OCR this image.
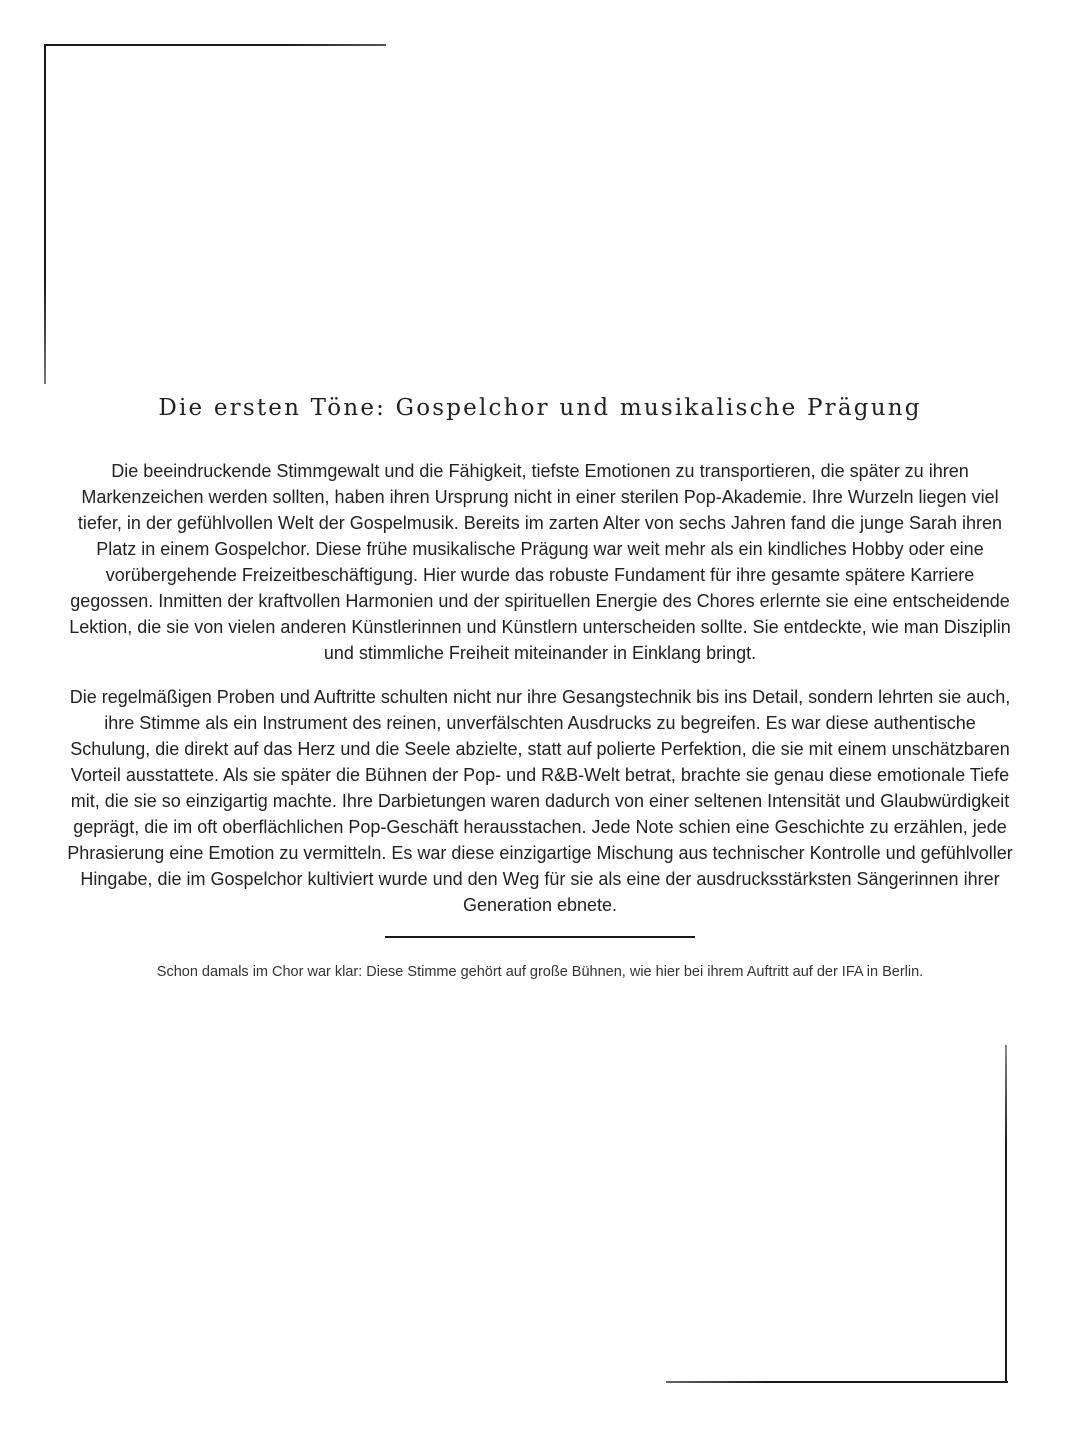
Die ersten Töne: Gospelchor und musikalische Prägung

Die beeindruckende Stimmgewalt und die Fähigkeit, tiefste Emotionen zu transportieren, die später zu ihren Markenzeichen werden sollten, haben ihren Ursprung nicht in einer sterilen Pop-Akademie. Ihre Wurzeln liegen viel tiefer, in der gefühlvollen Welt der Gospelmusik. Bereits im zarten Alter von sechs Jahren fand die junge Sarah ihren Platz in einem Gospelchor. Diese frühe musikalische Prägung war weit mehr als ein kindliches Hobby oder eine vorübergehende Freizeitbeschäftigung. Hier wurde das robuste Fundament für ihre gesamte spätere Karriere gegossen. Inmitten der kraftvollen Harmonien und der spirituellen Energie des Chores erlernte sie eine entscheidende Lektion, die sie von vielen anderen Künstlerinnen und Künstlern unterscheiden sollte. Sie entdeckte, wie man Disziplin und stimmliche Freiheit miteinander in Einklang bringt.

Die regelmäßigen Proben und Auftritte schulten nicht nur ihre Gesangstechnik bis ins Detail, sondern lehrten sie auch, ihre Stimme als ein Instrument des reinen, unverfälschten Ausdrucks zu begreifen. Es war diese authentische Schulung, die direkt auf das Herz und die Seele abzielte, statt auf polierte Perfektion, die sie mit einem unschätzbaren Vorteil ausstattete. Als sie später die Bühnen der Pop- und R&B-Welt betrat, brachte sie genau diese emotionale Tiefe mit, die sie so einzigartig machte. Ihre Darbietungen waren dadurch von einer seltenen Intensität und Glaubwürdigkeit geprägt, die im oft oberflächlichen Pop-Geschäft herausstachen. Jede Note schien eine Geschichte zu erzählen, jede Phrasierung eine Emotion zu vermitteln. Es war diese einzigartige Mischung aus technischer Kontrolle und gefühlvoller Hingabe, die im Gospelchor kultiviert wurde und den Weg für sie als eine der ausdrucksstärksten Sängerinnen ihrer Generation ebnete.

Schon damals im Chor war klar: Diese Stimme gehört auf große Bühnen, wie hier bei ihrem Auftritt auf der IFA in Berlin.
